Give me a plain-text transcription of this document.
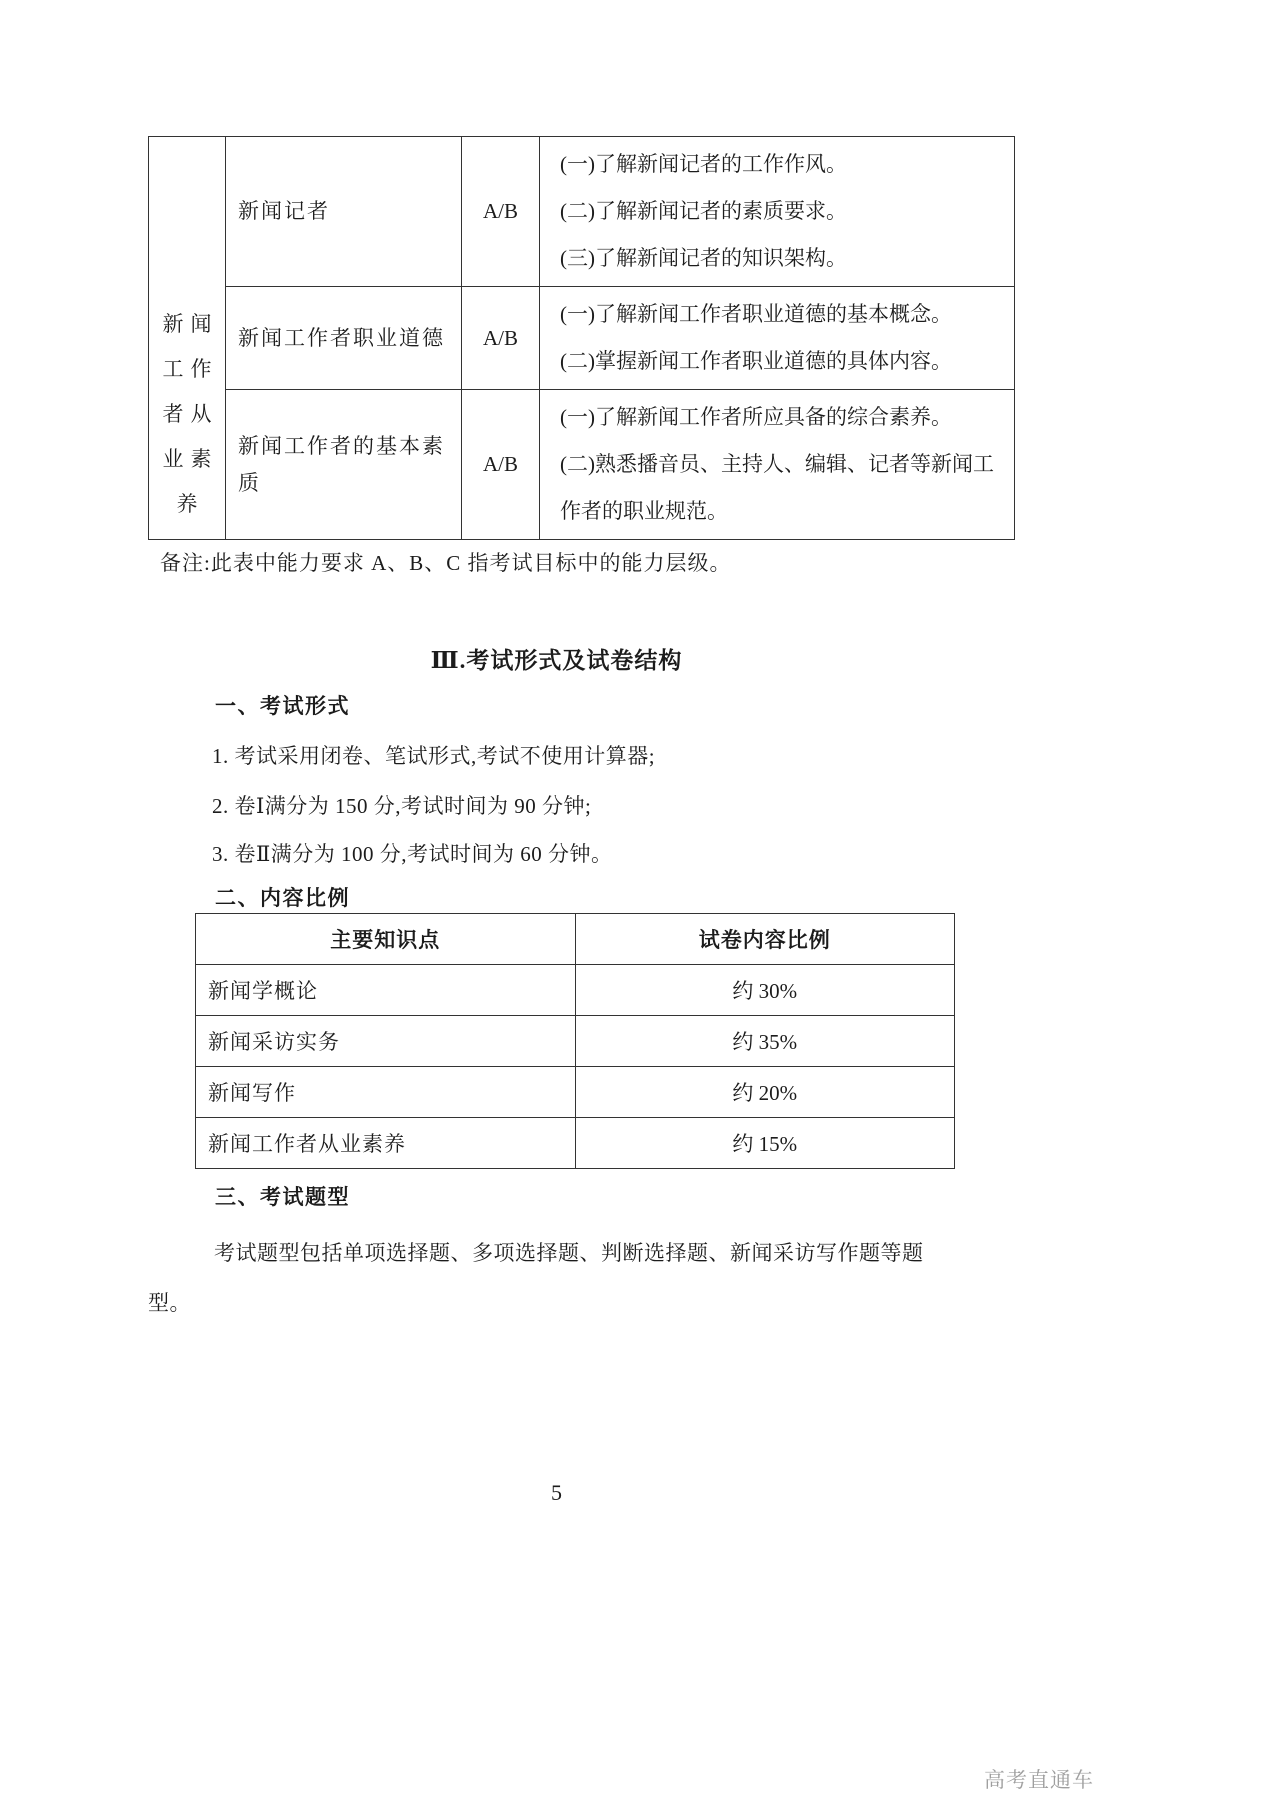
新闻
工作
者从
业素
养
	新闻记者	A/B	

(一)了解新闻记者的工作作风。

(二)了解新闻记者的素质要求。

(三)了解新闻记者的知识架构。

	新闻工作者职业道德	A/B	(一)了解新闻工作者职业道德的基本概念。

(二)掌握新闻工作者职业道德的具体内容。

	新闻工作者的基本素质	A/B	(一)了解新闻工作者所应具备的综合素养。

(二)熟悉播音员、主持人、编辑、记者等新闻工作者的职业规范。

备注:此表中能力要求 A、B、C 指考试目标中的能力层级。
Ⅲ.考试形式及试卷结构
一、考试形式
1. 考试采用闭卷、笔试形式,考试不使用计算器;
2. 卷Ⅰ满分为 150 分,考试时间为 90 分钟;
3. 卷Ⅱ满分为 100 分,考试时间为 60 分钟。
二、内容比例
主要知识点	试卷内容比例
新闻学概论	约 30%
新闻采访实务	约 35%
新闻写作	约 20%
新闻工作者从业素养	约 15%
三、考试题型
考试题型包括单项选择题、多项选择题、判断选择题、新闻采访写作题等题型。
5
高考直通车
